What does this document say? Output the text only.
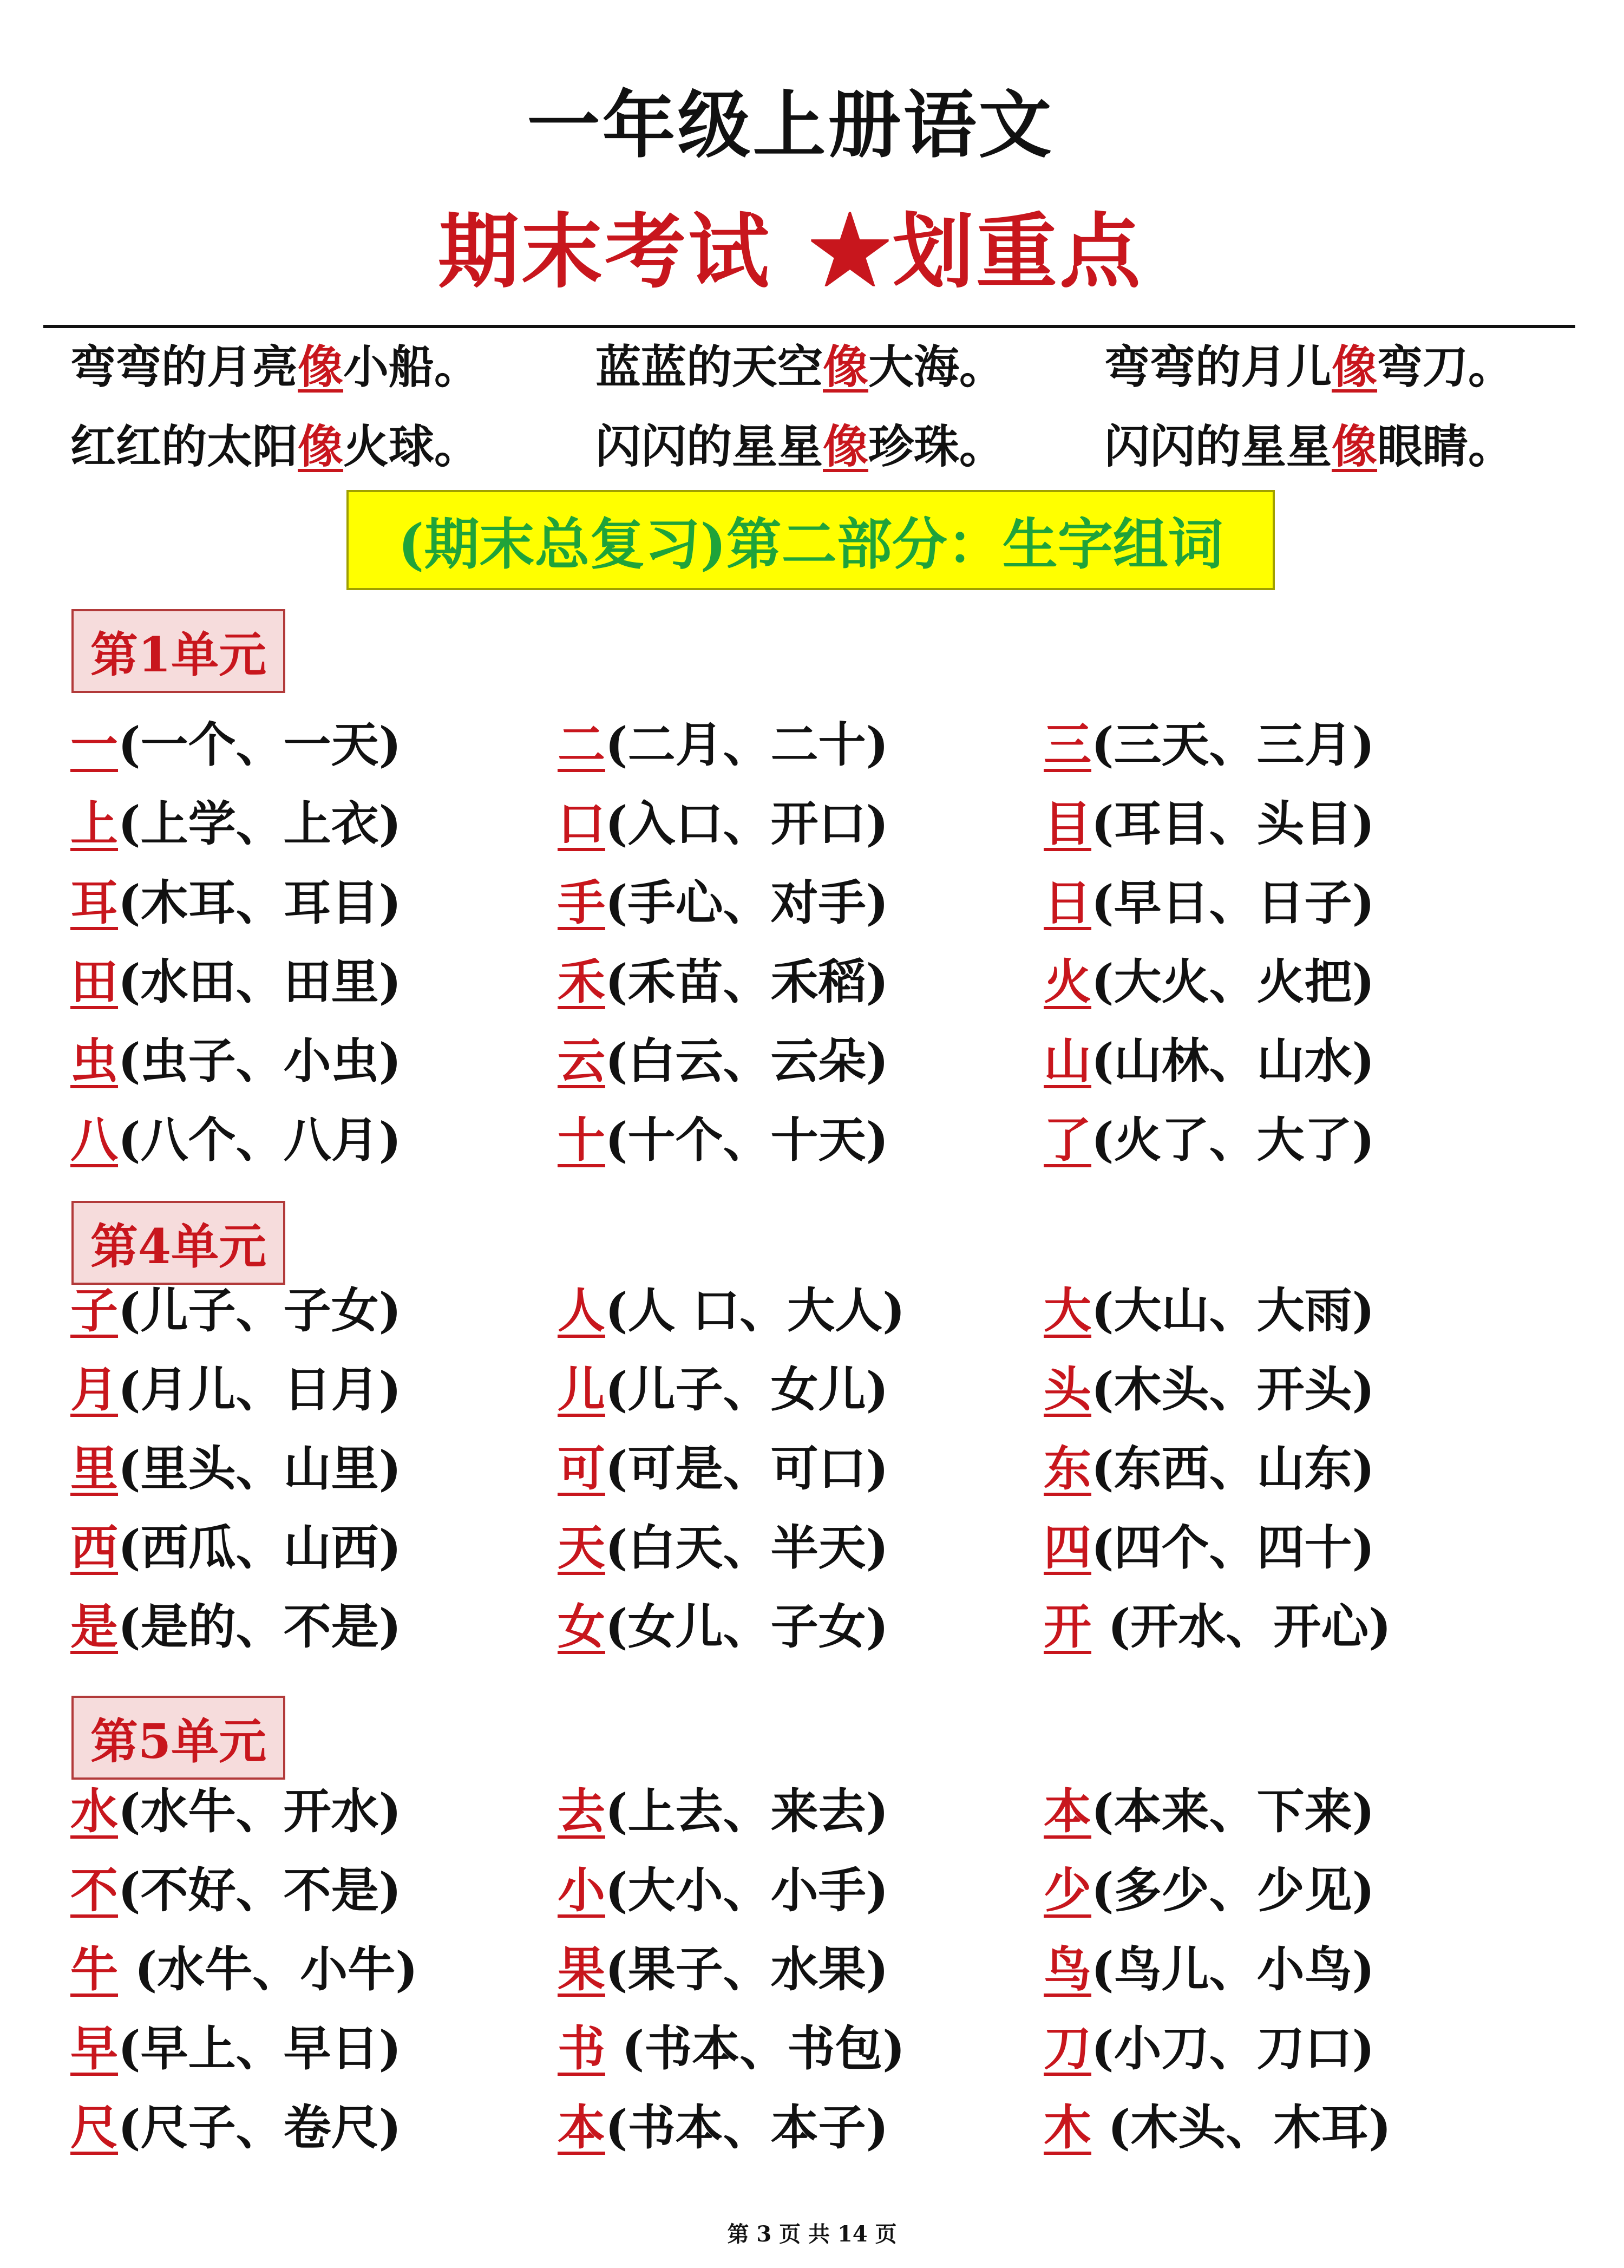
一年级上册语文
期末考试 ★划重点
弯弯的月亮像小船。	蓝蓝的天空像大海。 弯弯的月儿像弯刀。
红红的太阳像火球。	闪闪的星星像珍珠。 闪闪的星星像眼睛。
(期末总复习)第二部分：生字组词
第1单元
一(一个、一天)	二(二月、二十)	三(三天、三月)
上(上学、上衣)	口(入口、开口)	目(耳目、头目)
耳(木耳、耳目)	手(手心、对手)	日(早日、日子)
田(水田、田里)	禾(禾苗、禾稻)	火(大火、火把)
虫(虫子、小虫)	云(白云、云朵)	山(山林、山水)
八(八个、八月)	十(十个、十天)	了(火了、大了)
第4单元
子(儿子、子女)	人(人 口、大人)	大(大山、大雨)
月(月儿、日月)	儿(儿子、女儿)	头(木头、开头)
里(里头、山里)	可(可是、可口)	东(东西、山东)
西(西瓜、山西)	天(白天、半天)	四(四个、四十)
是(是的、不是)	女(女儿、子女)	开 (开水、开心)
第5单元
水(水牛、开水)	去(上去、来去)	本(本来、下来)
不(不好、不是)	小(大小、小手)	少(多少、少见)
牛 (水牛、小牛)	果(果子、水果)	鸟(鸟儿、小鸟)
早(早上、早日)	书 (书本、书包)	刀(小刀、刀口)
尺(尺子、卷尺)	本(书本、本子)	木 (木头、木耳)
第 3 页 共 14 页
